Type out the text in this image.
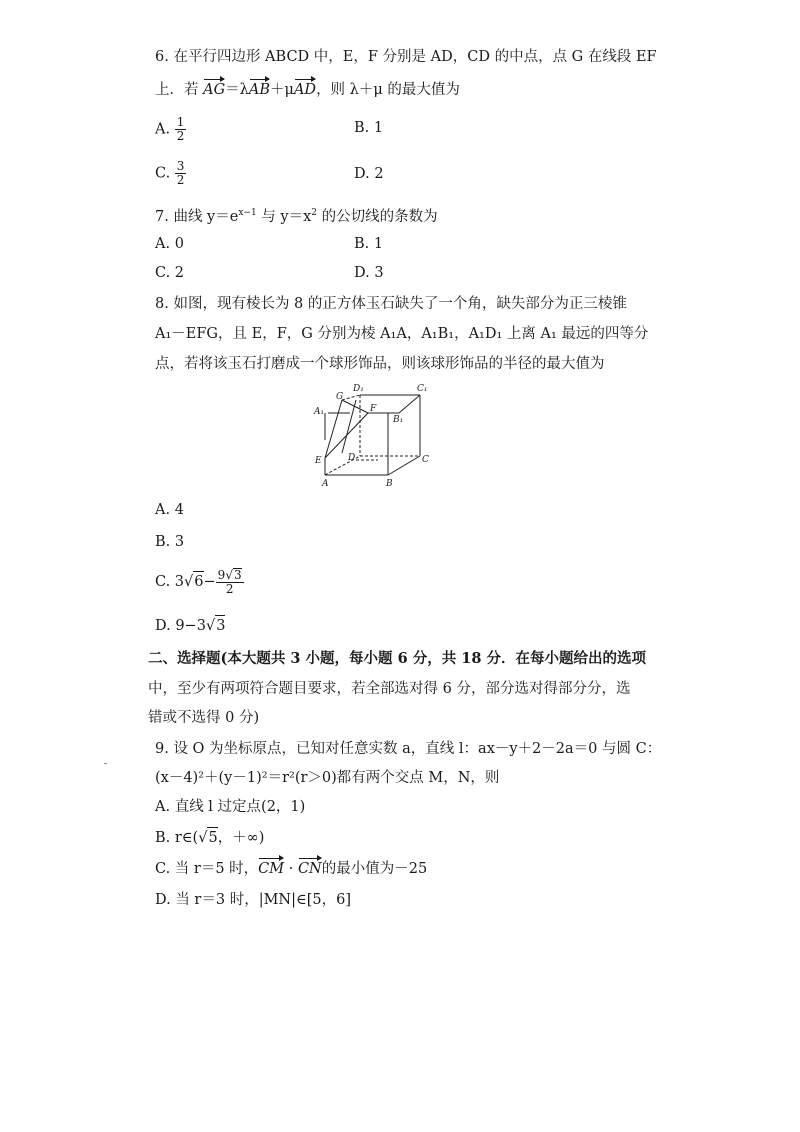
6. 在平行四边形 ABCD 中，E，F 分别是 AD，CD 的中点，点 G 在线段 EF
上．若 AG＝λAB＋μAD，则 λ＋μ 的最大值为
A. $\frac{1}{2}$	B. 1
C. $\frac{3}{2}$	D. 2
7. 曲线 $y=e^{x-1}$ 与 $y=x^2$ 的公切线的条数为
A. 0	B. 1
C. 2	D. 3
8. 如图，现有棱长为 8 的正方体玉石缺失了一个角，缺失部分为正三棱锥
A₁－EFG，且 E，F，G 分别为棱 A₁A，A₁B₁，A₁D₁ 上离 A₁ 最远的四等分
点，若将该玉石打磨成一个球形饰品，则该球形饰品的半径的最大值为
G
D₁	C₁
A₁	F
B₁
E	D	C
A	B
A. 4
B. 3
C. $3√6- \frac{9√3}{2}$
D. 9−3√3
二、选择题(本大题共 3 小题，每小题 6 分，共 18 分．在每小题给出的选项
中，至少有两项符合题目要求，若全部选对得 6 分，部分选对得部分分，选
错或不选得 0 分)
9. 设 O 为坐标原点，已知对任意实数 a，直线 l：ax－y＋2－2a＝0 与圆 C：
(x－4)²＋(y－1)²＝r²(r＞0)都有两个交点 M，N，则
A. 直线 l 过定点(2，1)
B. r∈(√5，＋∞)
C. 当 r＝5 时，CM · CN的最小值为－25
D. 当 r＝3 时，|MN|∈[5，6]
